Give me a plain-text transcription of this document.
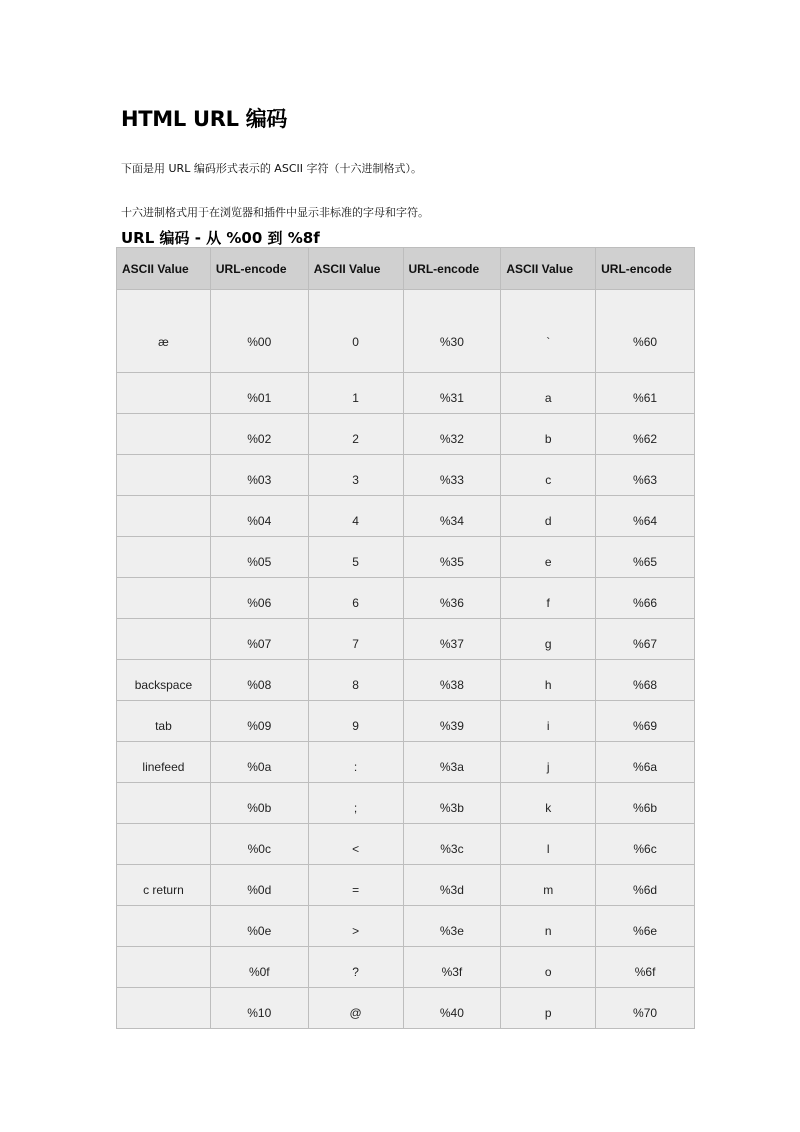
HTML URL 编码
下面是用 URL 编码形式表示的 ASCII 字符（十六进制格式）。
十六进制格式用于在浏览器和插件中显示非标准的字母和字符。
URL 编码 - 从 %00 到 %8f
ASCII Value	URL-encode	ASCII Value	URL-encode	ASCII Value	URL-encode
æ	%00	0	%30	`	%60
	%01	1	%31	a	%61
	%02	2	%32	b	%62
	%03	3	%33	c	%63
	%04	4	%34	d	%64
	%05	5	%35	e	%65
	%06	6	%36	f	%66
	%07	7	%37	g	%67
backspace	%08	8	%38	h	%68
tab	%09	9	%39	i	%69
linefeed	%0a	:	%3a	j	%6a
	%0b	;	%3b	k	%6b
	%0c	<	%3c	l	%6c
c return	%0d	=	%3d	m	%6d
	%0e	>	%3e	n	%6e
	%0f	?	%3f	o	%6f
	%10	@	%40	p	%70
